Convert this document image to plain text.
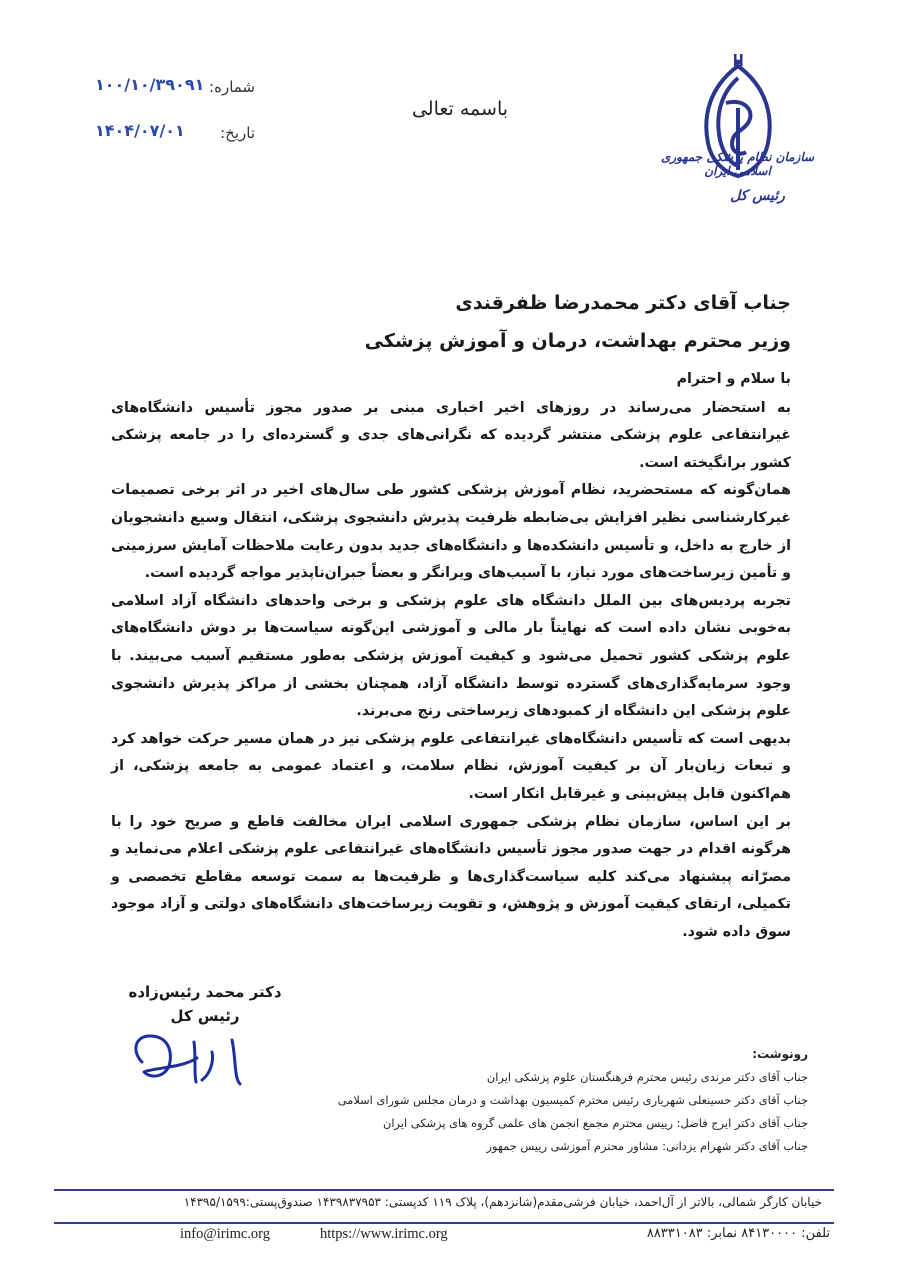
شماره:
۱۰۰/۱۰/۳۹۰۹۱
تاریخ:
۱۴۰۴/۰۷/۰۱
باسمه تعالی
سازمان نظام پزشکی جمهوری اسلامی ایران
رئیس کل
جناب آقای دکتر محمدرضا ظفرقندی
وزیر محترم بهداشت، درمان و آموزش پزشکی

با سلام و احترام

به استحضار می‌رساند در روزهای اخیر اخباری مبنی بر صدور مجوز تأسیس دانشگاه‌های غیرانتفاعی علوم پزشکی منتشر گردیده که نگرانی‌های جدی و گسترده‌ای را در جامعه پزشکی کشور برانگیخته است.

همان‌گونه که مستحضرید، نظام آموزش پزشکی کشور طی سال‌های اخیر در اثر برخی تصمیمات غیرکارشناسی نظیر افزایش بی‌ضابطه ظرفیت پذیرش دانشجوی پزشکی، انتقال وسیع دانشجویان از خارج به داخل، و تأسیس دانشکده‌ها و دانشگاه‌های جدید بدون رعایت ملاحظات آمایش سرزمینی و تأمین زیرساخت‌های مورد نیاز، با آسیب‌های ویرانگر و بعضاً جبران‌ناپذیر مواجه گردیده است.

تجربه پردیس‌های بین الملل دانشگاه های علوم پزشکی و برخی واحدهای دانشگاه آزاد اسلامی به‌خوبی نشان داده است که نهایتاً بار مالی و آموزشی این‌گونه سیاست‌ها بر دوش دانشگاه‌های علوم پزشکی کشور تحمیل می‌شود و کیفیت آموزش پزشکی به‌طور مستقیم آسیب می‌بیند. با وجود سرمایه‌گذاری‌های گسترده توسط دانشگاه آزاد، همچنان بخشی از مراکز پذیرش دانشجوی علوم پزشکی این دانشگاه از کمبودهای زیرساختی رنج می‌برند.

بدیهی است که تأسیس دانشگاه‌های غیرانتفاعی علوم پزشکی نیز در همان مسیر حرکت خواهد کرد و تبعات زیان‌بار آن بر کیفیت آموزش، نظام سلامت، و اعتماد عمومی به جامعه پزشکی، از هم‌اکنون قابل پیش‌بینی و غیرقابل انکار است.

بر این اساس، سازمان نظام پزشکی جمهوری اسلامی ایران مخالفت قاطع و صریح خود را با هرگونه اقدام در جهت صدور مجوز تأسیس دانشگاه‌های غیرانتفاعی علوم پزشکی اعلام می‌نماید و مصرّانه پیشنهاد می‌کند کلیه سیاست‌گذاری‌ها و ظرفیت‌ها به سمت توسعه مقاطع تخصصی و تکمیلی، ارتقای کیفیت آموزش و پژوهش، و تقویت زیرساخت‌های دانشگاه‌های دولتی و آزاد موجود سوق داده شود.

دکتر محمد رئیس‌زاده
رئیس کل
رونوشت:
جناب آقای دکتر مرندی رئیس محترم فرهنگستان علوم پزشکی ایران
جناب آقای دکتر حسینعلی شهریاری رئیس محترم کمیسیون بهداشت و درمان مجلس شورای اسلامی
جناب آقای دکتر ایرج فاضل: رییس محترم مجمع انجمن های علمی گروه های پزشکی ایران
جناب آقای دکتر شهرام یزدانی: مشاور محترم آموزشی رییس جمهور
خیابان کارگر شمالی، بالاتر از آل‌احمد، خیابان فرشی‌مقدم(شانزدهم)، پلاک ۱۱۹ کدپستی: ۱۴۳۹۸۳۷۹۵۳ صندوق‌پستی:۱۴۳۹۵/۱۵۹۹
تلفن: ۸۴۱۳۰۰۰۰ نمابر: ۸۸۳۳۱۰۸۳
https://www.irimc.org
info@irimc.org
